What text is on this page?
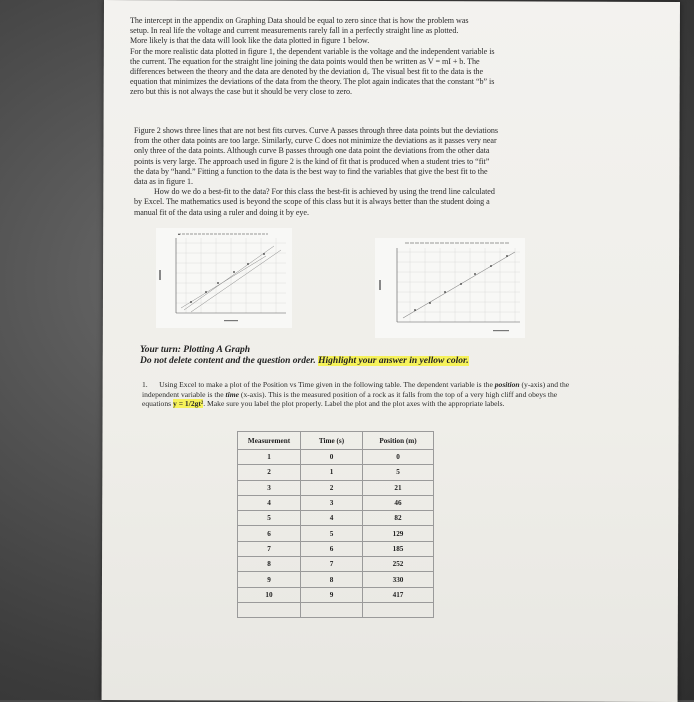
The intercept in the appendix on Graphing Data should be equal to zero since that is how the problem was

setup. In real life the voltage and current measurements rarely fall in a perfectly straight line as plotted.

More likely is that the data will look like the data plotted in figure 1 below.

For the more realistic data plotted in figure 1, the dependent variable is the voltage and the independent variable is

the current. The equation for the straight line joining the data points would then be written as V = mI + b. The

differences between the theory and the data are denoted by the deviation dᵢ. The visual best fit to the data is the

equation that minimizes the deviations of the data from the theory. The plot again indicates that the constant “b” is

zero but this is not always the case but it should be very close to zero.

Figure 2 shows three lines that are not best fits curves. Curve A passes through three data points but the deviations

from the other data points are too large. Similarly, curve C does not minimize the deviations as it passes very near

only three of the data points. Although curve B passes through one data point the deviations from the other data

points is very large. The approach used in figure 2 is the kind of fit that is produced when a student tries to “fit”

the data by “hand.” Fitting a function to the data is the best way to find the variables that give the best fit to the

data as in figure 1.

How do we do a best-fit to the data? For this class the best-fit is achieved by using the trend line calculated

by Excel. The mathematics used is beyond the scope of this class but it is always better than the student doing a

manual fit of the data using a ruler and doing it by eye.

Your turn: Plotting A Graph
Do not delete content and the question order. Highlight your answer in yellow color.
1. Using Excel to make a plot of the Position vs Time given in the following table. The dependent variable is the position (y-axis) and the independent variable is the time (x-axis). This is the measured position of a rock as it falls from the top of a very high cliff and obeys the equations y = 1/2gt². Make sure you label the plot properly. Label the plot and the plot axes with the appropriate labels.
Measurement	Time (s)	Position (m)
1	0	0
2	1	5
3	2	21
4	3	46
5	4	82
6	5	129
7	6	185
8	7	252
9	8	330
10	9	417
